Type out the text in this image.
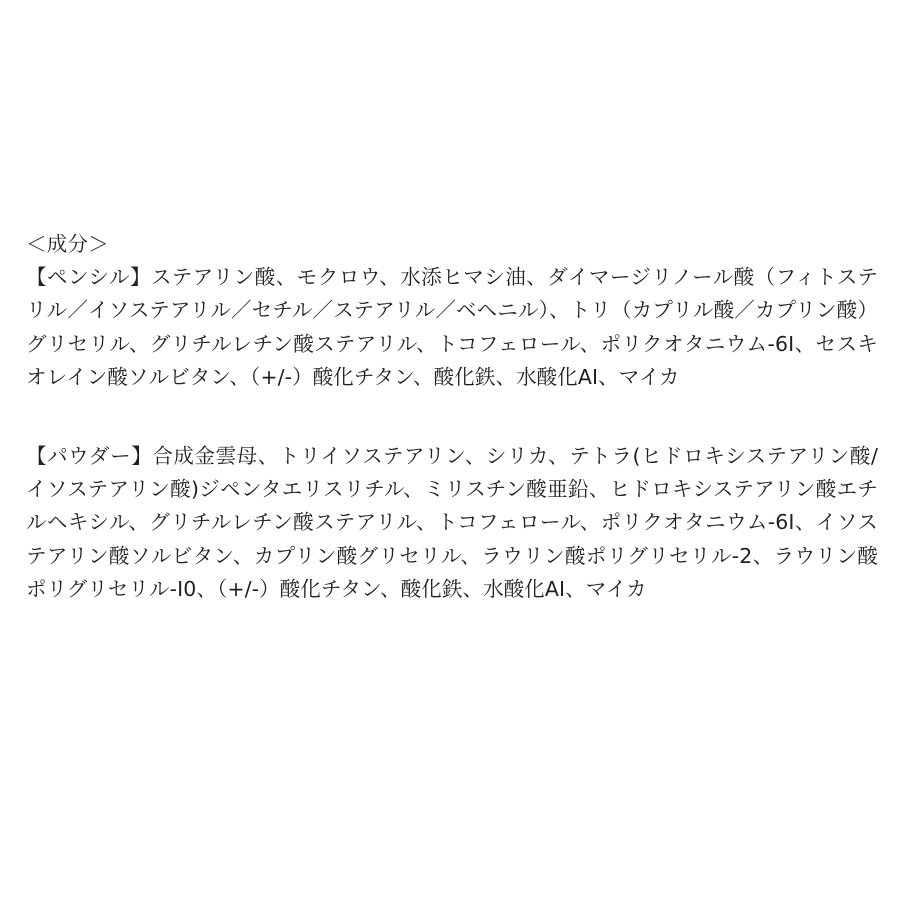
＜成分＞

【ペンシル】ステアリン酸、モクロウ、水添ヒマシ油、ダイマージリノール酸（フィトステリル／イソステアリル／セチル／ステアリル／ベヘニル）、トリ（カプリル酸／カプリン酸）グリセリル、グリチルレチン酸ステアリル、トコフェロール、ポリクオタニウム-6I、セスキオレイン酸ソルビタン、（+/-）酸化チタン、酸化鉄、水酸化AI、マイカ

【パウダー】合成金雲母、トリイソステアリン、シリカ、テトラ(ヒドロキシステアリン酸/イソステアリン酸)ジペンタエリスリチル、ミリスチン酸亜鉛、ヒドロキシステアリン酸エチルヘキシル、グリチルレチン酸ステアリル、トコフェロール、ポリクオタニウム-6I、イソステアリン酸ソルビタン、カプリン酸グリセリル、ラウリン酸ポリグリセリル-2、ラウリン酸ポリグリセリル-I0、（+/-）酸化チタン、酸化鉄、水酸化AI、マイカ
